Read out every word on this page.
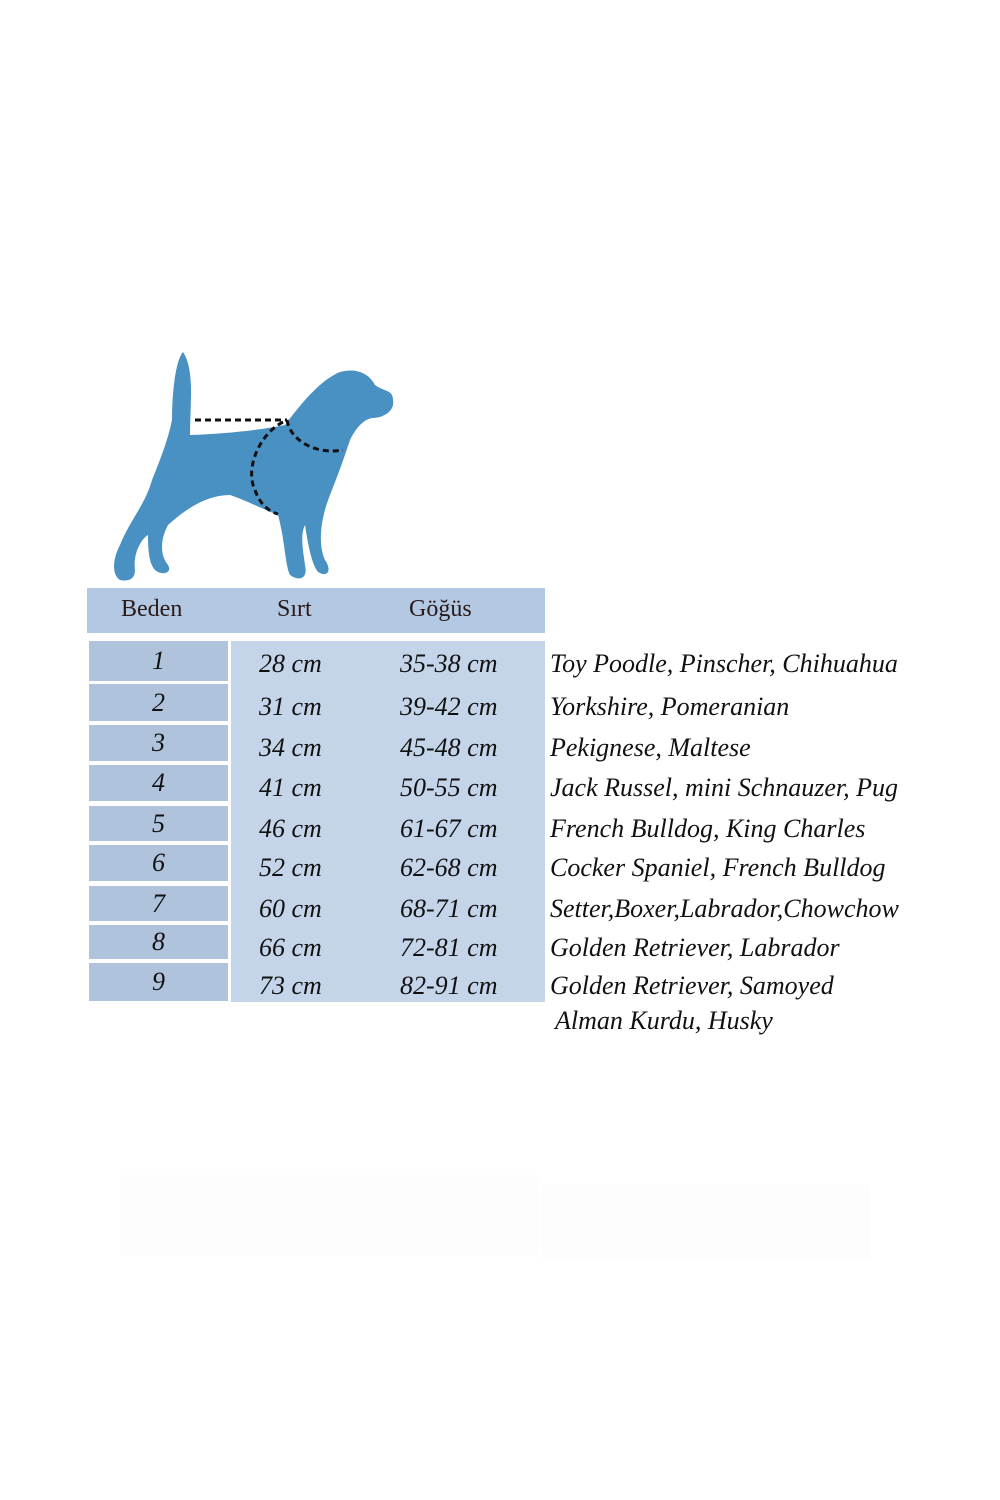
Beden	Sırt	Göğüs
1	28 cm	35-38 cm Toy Poodle, Pinscher, Chihuahua
2	31 cm	39-42 cm Yorkshire, Pomeranian
3	34 cm	45-48 cm Pekignese, Maltese
4	41 cm	50-55 cm Jack Russel, mini Schnauzer, Pug
5	46 cm	61-67 cm French Bulldog, King Charles
6	52 cm	62-68 cm Cocker Spaniel, French Bulldog
7	60 cm	68-71 cm Setter,Boxer,Labrador,Chowchow
8	66 cm	72-81 cm Golden Retriever, Labrador
9	73 cm	82-91 cm Golden Retriever, Samoyed
Alman Kurdu, Husky
